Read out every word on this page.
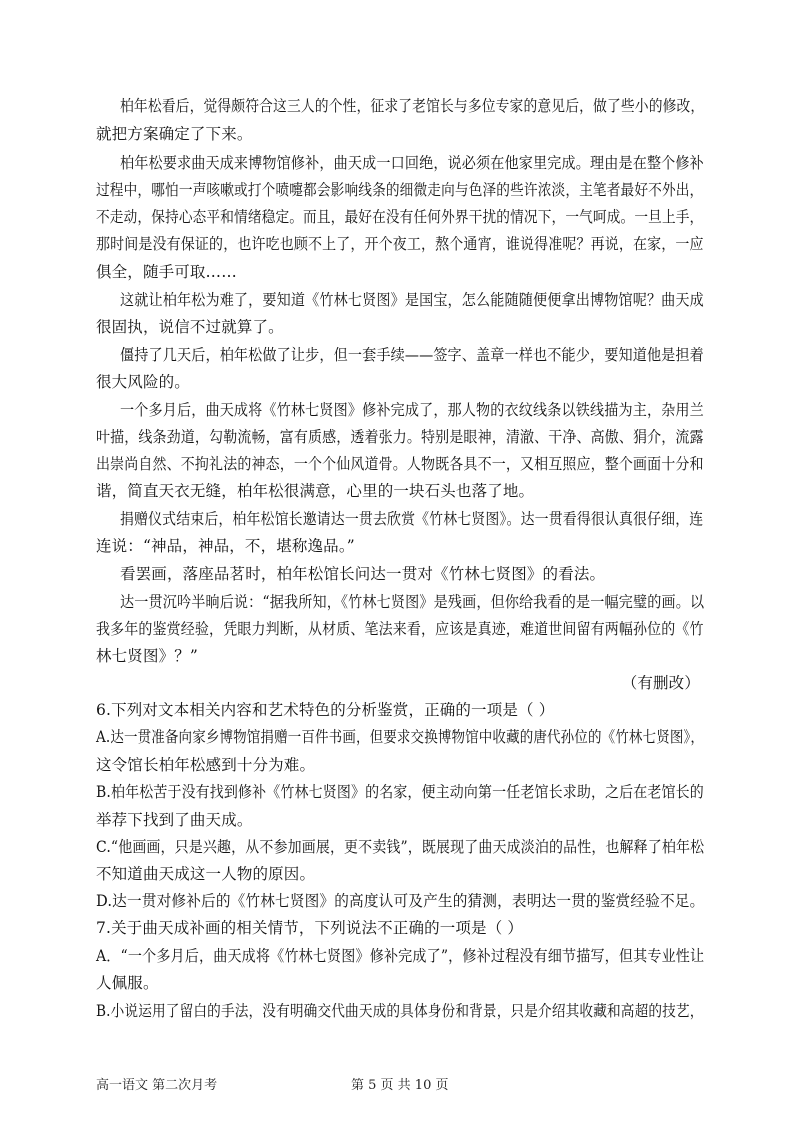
柏年松看后，觉得颇符合这三人的个性，征求了老馆长与多位专家的意见后，做了些小的修改，
就把方案确定了下来。
柏年松要求曲天成来博物馆修补，曲天成一口回绝，说必须在他家里完成。理由是在整个修补
过程中，哪怕一声咳嗽或打个喷嚏都会影响线条的细微走向与色泽的些许浓淡，主笔者最好不外出，
不走动，保持心态平和情绪稳定。而且，最好在没有任何外界干扰的情况下，一气呵成。一旦上手，
那时间是没有保证的，也许吃也顾不上了，开个夜工，熬个通宵，谁说得准呢？再说，在家，一应
俱全，随手可取……
这就让柏年松为难了，要知道《竹林七贤图》是国宝，怎么能随随便便拿出博物馆呢？曲天成
很固执，说信不过就算了。
僵持了几天后，柏年松做了让步，但一套手续——签字、盖章一样也不能少，要知道他是担着
很大风险的。
一个多月后，曲天成将《竹林七贤图》修补完成了，那人物的衣纹线条以铁线描为主，杂用兰
叶描，线条劲道，勾勒流畅，富有质感，透着张力。特别是眼神，清澈、干净、高傲、狷介，流露
出崇尚自然、不拘礼法的神态，一个个仙风道骨。人物既各具不一，又相互照应，整个画面十分和
谐，简直天衣无缝，柏年松很满意，心里的一块石头也落了地。
捐赠仪式结束后，柏年松馆长邀请达一贯去欣赏《竹林七贤图》。达一贯看得很认真很仔细，连
连说：“神品，神品，不，堪称逸品。”
看罢画，落座品茗时，柏年松馆长问达一贯对《竹林七贤图》的看法。
达一贯沉吟半晌后说：“据我所知，《竹林七贤图》是残画，但你给我看的是一幅完璧的画。以
我多年的鉴赏经验，凭眼力判断，从材质、笔法来看，应该是真迹，难道世间留有两幅孙位的《竹
林七贤图》？”
（有删改）
6.下列对文本相关内容和艺术特色的分析鉴赏，正确的一项是（ ）
A.达一贯准备向家乡博物馆捐赠一百件书画，但要求交换博物馆中收藏的唐代孙位的《竹林七贤图》，
这令馆长柏年松感到十分为难。
B.柏年松苦于没有找到修补《竹林七贤图》的名家，便主动向第一任老馆长求助，之后在老馆长的
举荐下找到了曲天成。
C.“他画画，只是兴趣，从不参加画展，更不卖钱”，既展现了曲天成淡泊的品性，也解释了柏年松
不知道曲天成这一人物的原因。
D.达一贯对修补后的《竹林七贤图》的高度认可及产生的猜测，表明达一贯的鉴赏经验不足。
7.关于曲天成补画的相关情节，下列说法不正确的一项是（ ）
A．“一个多月后，曲天成将《竹林七贤图》修补完成了”，修补过程没有细节描写，但其专业性让
人佩服。
B.小说运用了留白的手法，没有明确交代曲天成的具体身份和背景，只是介绍其收藏和高超的技艺，
高一语文 第二次月考	第 5 页 共 10 页
